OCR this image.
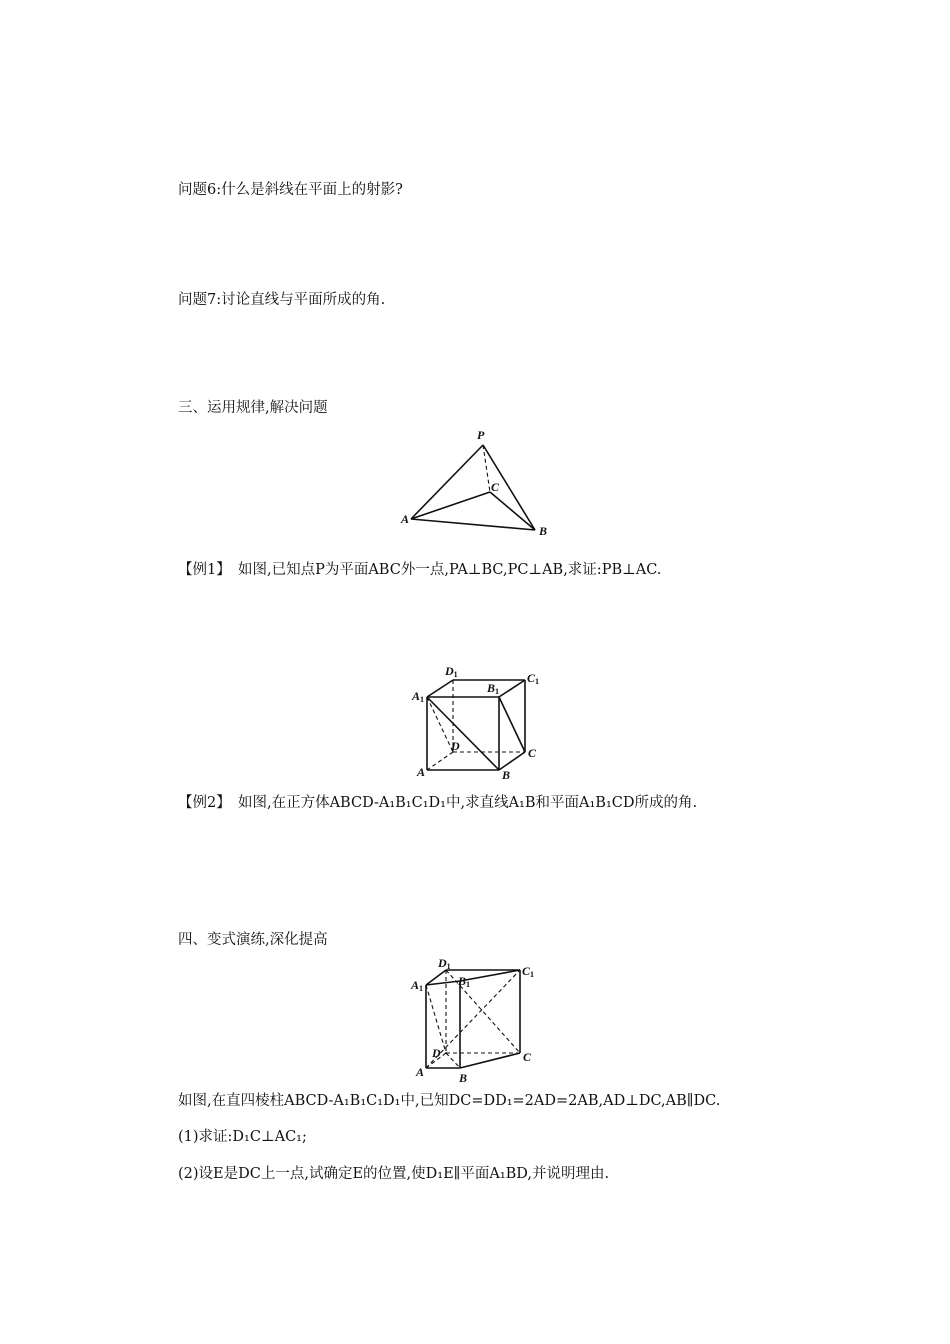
问题6:什么是斜线在平面上的射影?
问题7:讨论直线与平面所成的角.
三、运用规律,解决问题
P
A
B
C
【例1】　如图,已知点P为平面ABC外一点,PA⊥BC,PC⊥AB,求证:PB⊥AC.
D1
B1
C1
A1
D	C
A	B
【例2】　如图,在正方体ABCD-A₁B₁C₁D₁中,求直线A₁B和平面A₁B₁CD所成的角.
四、变式演练,深化提高
D1
B1
C1
A1
D	C
A	B
如图,在直四棱柱ABCD-A₁B₁C₁D₁中,已知DC=DD₁=2AD=2AB,AD⊥DC,AB∥DC.
(1)求证:D₁C⊥AC₁;
(2)设E是DC上一点,试确定E的位置,使D₁E∥平面A₁BD,并说明理由.
